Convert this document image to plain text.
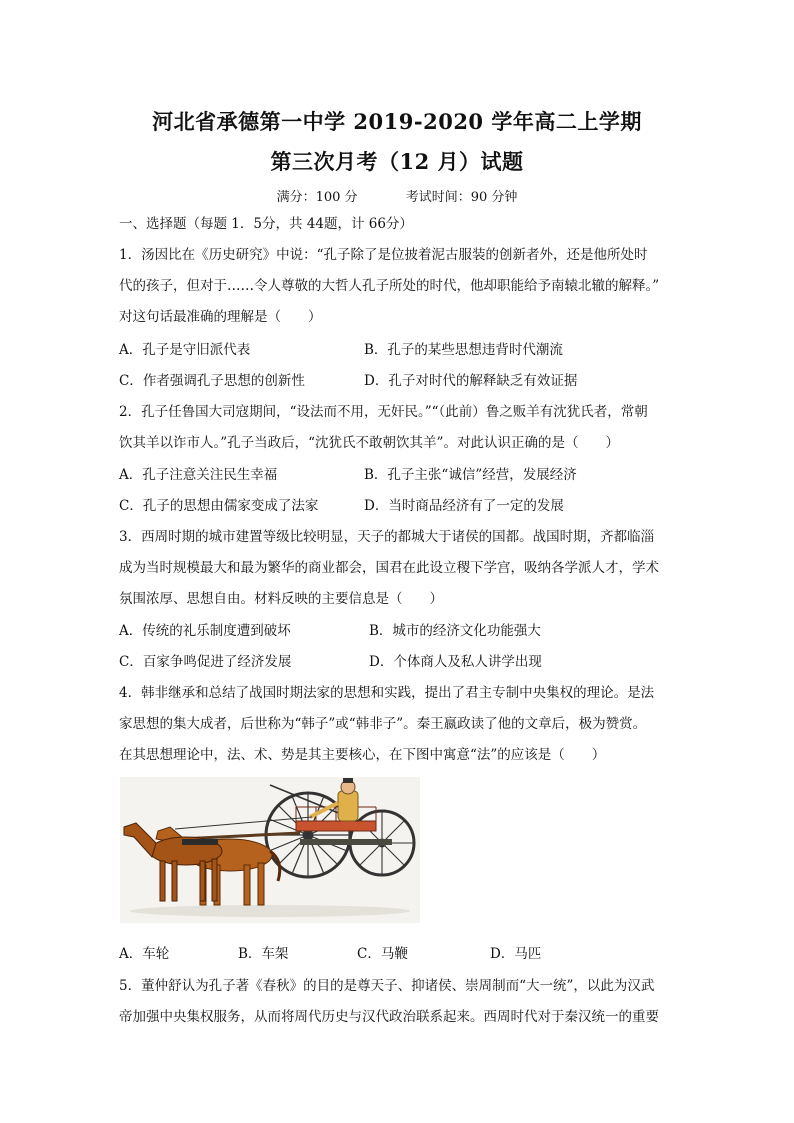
河北省承德第一中学 2019-2020 学年高二上学期
第三次月考（12 月）试题
满分：100 分	考试时间：90 分钟
一、选择题（每题 1．5分，共 44题，计 66分）
1．汤因比在《历史研究》中说：“孔子除了是位披着泥古服装的创新者外，还是他所处时
代的孩子，但对于……令人尊敬的大哲人孔子所处的时代，他却职能给予南辕北辙的解释。”
对这句话最准确的理解是（　　）
A．孔子是守旧派代表	B．孔子的某些思想违背时代潮流
C．作者强调孔子思想的创新性	D．孔子对时代的解释缺乏有效证据
2．孔子任鲁国大司寇期间，“设法而不用，无奸民。”“（此前）鲁之贩羊有沈犹氏者，常朝
饮其羊以诈市人。”孔子当政后，“沈犹氏不敢朝饮其羊”。对此认识正确的是（　　）
A．孔子注意关注民生幸福	B．孔子主张“诚信”经营，发展经济
C．孔子的思想由儒家变成了法家	D．当时商品经济有了一定的发展
3．西周时期的城市建置等级比较明显，天子的都城大于诸侯的国都。战国时期，齐都临淄
成为当时规模最大和最为繁华的商业都会，国君在此设立稷下学宫，吸纳各学派人才，学术
氛围浓厚、思想自由。材料反映的主要信息是（　　）
A．传统的礼乐制度遭到破坏	B．城市的经济文化功能强大
C．百家争鸣促进了经济发展	D．个体商人及私人讲学出现
4．韩非继承和总结了战国时期法家的思想和实践，提出了君主专制中央集权的理论。是法
家思想的集大成者，后世称为“韩子”或“韩非子”。秦王嬴政读了他的文章后，极为赞赏。
在其思想理论中，法、术、势是其主要核心，在下图中寓意“法”的应该是（　　）
A．车轮	B．车架	C．马鞭	D．马匹
5．董仲舒认为孔子著《春秋》的目的是尊天子、抑诸侯、崇周制而“大一统”，以此为汉武
帝加强中央集权服务，从而将周代历史与汉代政治联系起来。西周时代对于秦汉统一的重要
